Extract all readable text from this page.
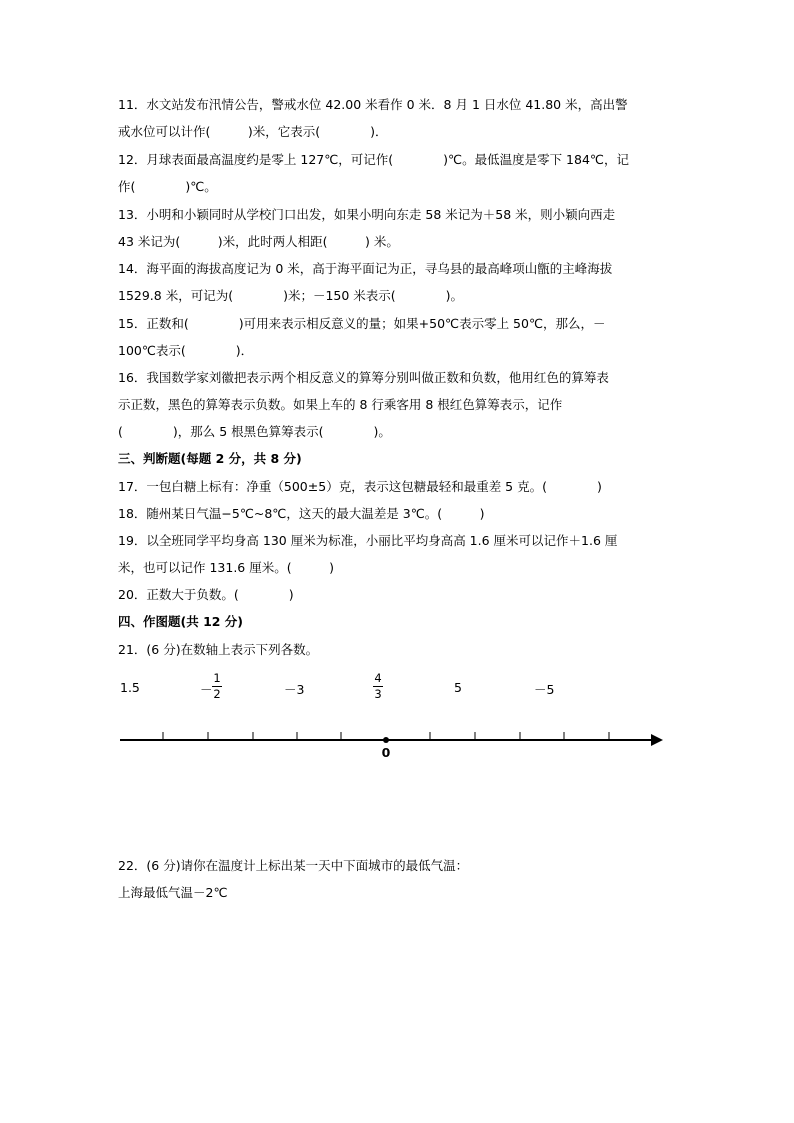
11．水文站发布汛情公告，警戒水位 42.00 米看作 0 米．8 月 1 日水位 41.80 米，高出警
戒水位可以计作(　　　)米，它表示(　　　　)．
12．月球表面最高温度约是零上 127℃，可记作(　　　　)℃。最低温度是零下 184℃，记
作(　　　　)℃。
13．小明和小颖同时从学校门口出发，如果小明向东走 58 米记为＋58 米，则小颖向西走
43 米记为(　　　)米，此时两人相距(　　　) 米。
14．海平面的海拔高度记为 0 米，高于海平面记为正，寻乌县的最高峰项山甑的主峰海拔
1529.8 米，可记为(　　　　)米；－150 米表示(　　　　)。
15．正数和(　　　　)可用来表示相反意义的量；如果+50℃表示零上 50℃，那么，－
100℃表示(　　　　)．
16．我国数学家刘徽把表示两个相反意义的算筹分别叫做正数和负数，他用红色的算筹表
示正数，黑色的算筹表示负数。如果上车的 8 行乘客用 8 根红色算筹表示，记作
(　　　　)，那么 5 根黑色算筹表示(　　　　)。
三、判断题(每题 2 分，共 8 分)
17．一包白糖上标有：净重（500±5）克，表示这包糖最轻和最重差 5 克。(　　　　)
18．随州某日气温−5℃~8℃，这天的最大温差是 3℃。(　　　)
19．以全班同学平均身高 130 厘米为标准，小丽比平均身高高 1.6 厘米可以记作＋1.6 厘
米，也可以记作 131.6 厘米。(　　　)
20．正数大于负数。(　　　　)
四、作图题(共 12 分)
21．(6 分)在数轴上表示下列各数。
1.5	－
1
2	－3
4
3	5	－5
0
22．(6 分)请你在温度计上标出某一天中下面城市的最低气温：
上海最低气温－2℃
